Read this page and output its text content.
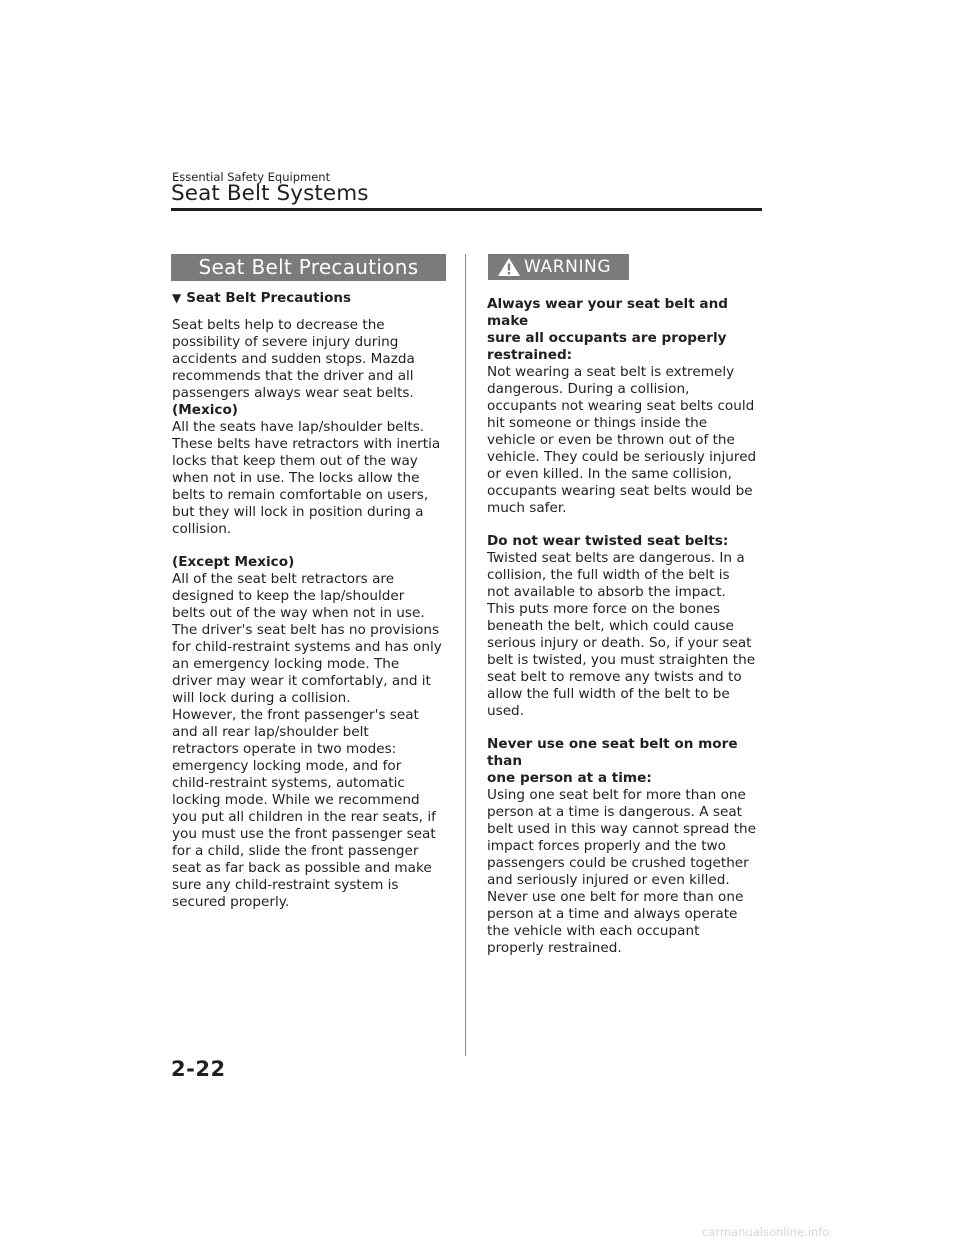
Essential Safety Equipment
Seat Belt Systems
Seat Belt Precautions
▼ Seat Belt Precautions

Seat belts help to decrease the

possibility of severe injury during

accidents and sudden stops. Mazda

recommends that the driver and all

passengers always wear seat belts.

(Mexico)

All the seats have lap/shoulder belts.

These belts have retractors with inertia

locks that keep them out of the way

when not in use. The locks allow the

belts to remain comfortable on users,

but they will lock in position during a

collision.

(Except Mexico)

All of the seat belt retractors are

designed to keep the lap/shoulder

belts out of the way when not in use.

The driver's seat belt has no provisions

for child-restraint systems and has only

an emergency locking mode. The

driver may wear it comfortably, and it

will lock during a collision.

However, the front passenger's seat

and all rear lap/shoulder belt

retractors operate in two modes:

emergency locking mode, and for

child-restraint systems, automatic

locking mode. While we recommend

you put all children in the rear seats, if

you must use the front passenger seat

for a child, slide the front passenger

seat as far back as possible and make

sure any child-restraint system is

secured properly.

WARNING

Always wear your seat belt and make

sure all occupants are properly

restrained:

Not wearing a seat belt is extremely

dangerous. During a collision,

occupants not wearing seat belts could

hit someone or things inside the

vehicle or even be thrown out of the

vehicle. They could be seriously injured

or even killed. In the same collision,

occupants wearing seat belts would be

much safer.

Do not wear twisted seat belts:

Twisted seat belts are dangerous. In a

collision, the full width of the belt is

not available to absorb the impact.

This puts more force on the bones

beneath the belt, which could cause

serious injury or death. So, if your seat

belt is twisted, you must straighten the

seat belt to remove any twists and to

allow the full width of the belt to be

used.

Never use one seat belt on more than

one person at a time:

Using one seat belt for more than one

person at a time is dangerous. A seat

belt used in this way cannot spread the

impact forces properly and the two

passengers could be crushed together

and seriously injured or even killed.

Never use one belt for more than one

person at a time and always operate

the vehicle with each occupant

properly restrained.

2-22
carmanualsonline.info
